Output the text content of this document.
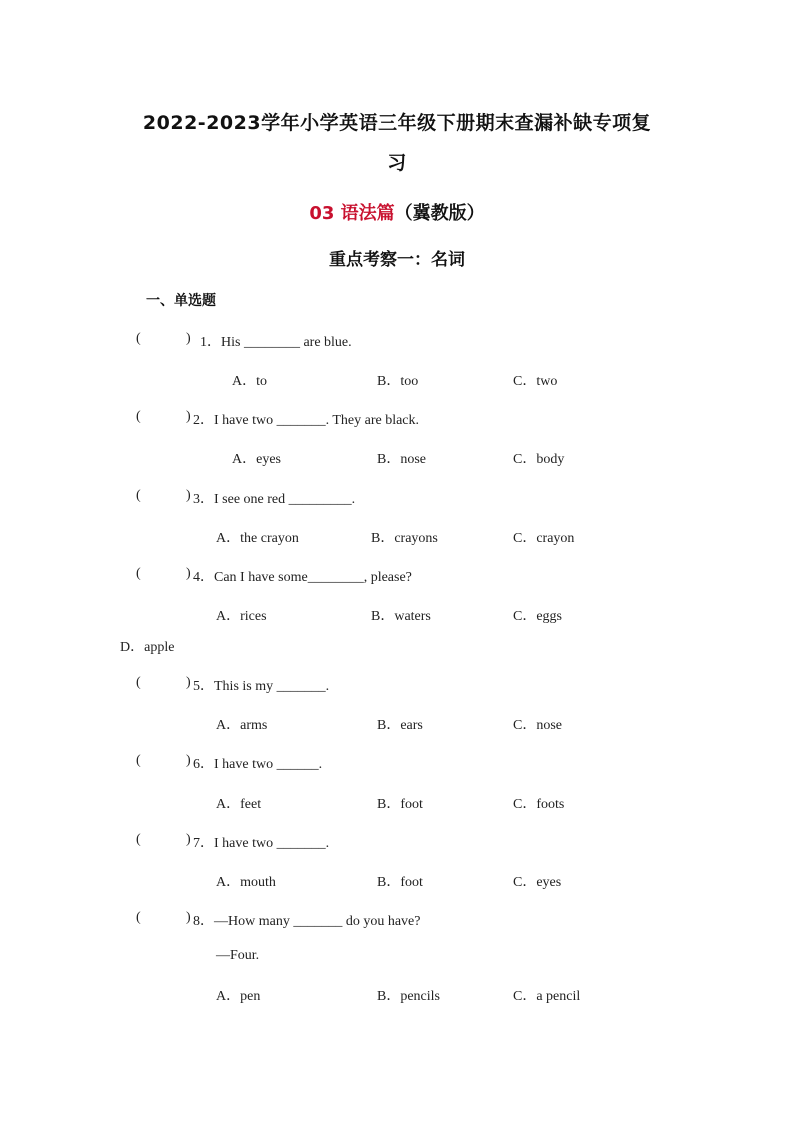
2022-2023学年小学英语三年级下册期末查漏补缺专项复
习
03 语法篇（冀教版）
重点考察一：名词
一、单选题
(	) 1．His ________ are blue.
A．to	B．too	C．two
(	) 2．I have two _______. They are black.
A．eyes	B．nose	C．body
(	) 3．I see one red _________.
A．the crayon	B．crayons	C．crayon
(	) 4．Can I have some________, please?
A．rices	B．waters	C．eggs
D．apple
(	) 5．This is my _______.
A．arms	B．ears	C．nose
(	) 6．I have two ______.
A．feet	B．foot	C．foots
(	) 7．I have two _______.
A．mouth	B．foot	C．eyes
(	) 8．—How many _______ do you have?
—Four.
A．pen	B．pencils	C．a pencil
